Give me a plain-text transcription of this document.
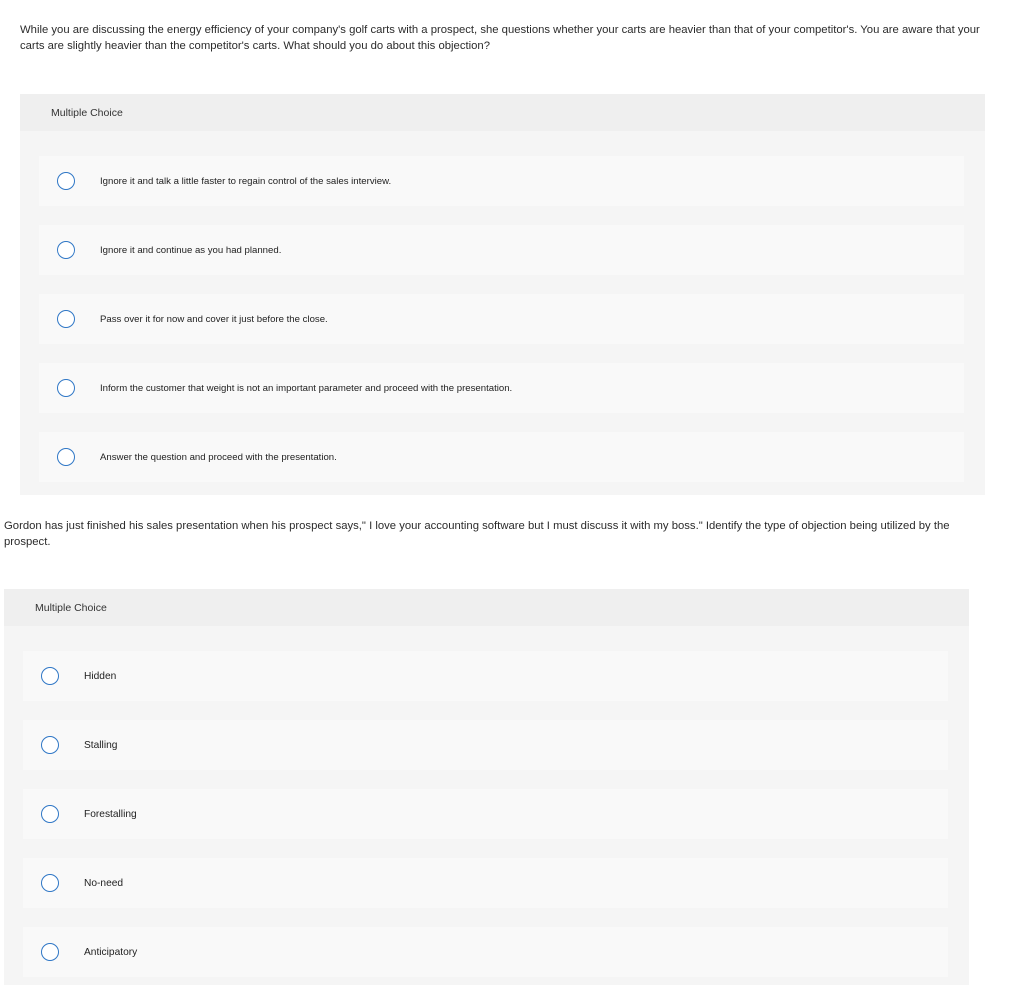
While you are discussing the energy efficiency of your company's golf carts with a prospect, she questions whether your carts are heavier than that of your competitor's. You are aware that your carts are slightly heavier than the competitor's carts. What should you do about this objection?

Multiple Choice
Ignore it and talk a little faster to regain control of the sales interview.
Ignore it and continue as you had planned.
Pass over it for now and cover it just before the close.
Inform the customer that weight is not an important parameter and proceed with the presentation.
Answer the question and proceed with the presentation.

Gordon has just finished his sales presentation when his prospect says," I love your accounting software but I must discuss it with my boss." Identify the type of objection being utilized by the prospect.

Multiple Choice
Hidden
Stalling
Forestalling
No-need
Anticipatory
